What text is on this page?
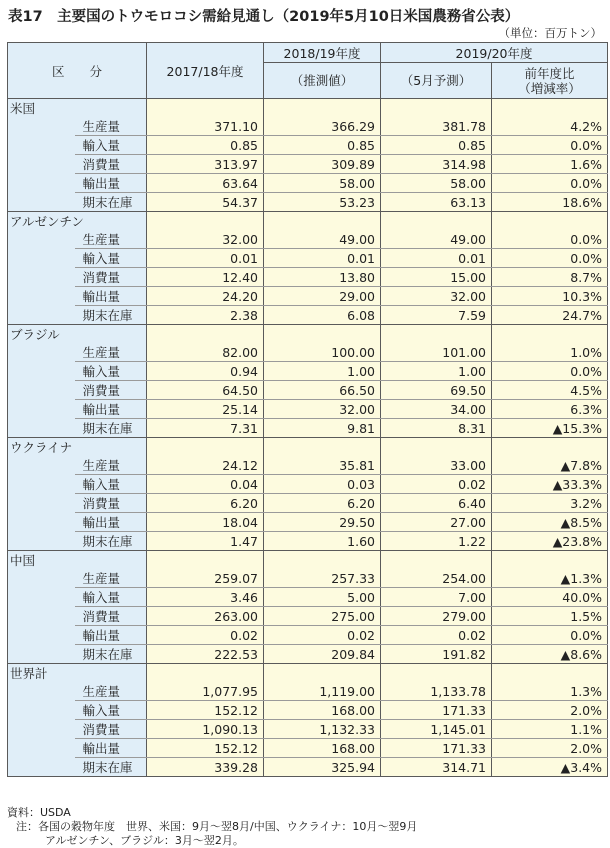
表17　主要国のトウモロコシ需給見通し（2019年5月10日米国農務省公表）
（単位：百万トン）
区　　分		2017/18年度	2018/19年度	2019/20年度	
			（推測値）	（5月予測）	前年度比
（増減率）

米国					
	生産量	371.10	366.29	381.78	4.2%
	輸入量	0.85	0.85	0.85	0.0%
	消費量	313.97	309.89	314.98	1.6%
	輸出量	63.64	58.00	58.00	0.0%
	期末在庫	54.37	53.23	63.13	18.6%
アルゼンチン					
	生産量	32.00	49.00	49.00	0.0%
	輸入量	0.01	0.01	0.01	0.0%
	消費量	12.40	13.80	15.00	8.7%
	輸出量	24.20	29.00	32.00	10.3%
	期末在庫	2.38	6.08	7.59	24.7%
ブラジル					
	生産量	82.00	100.00	101.00	1.0%
	輸入量	0.94	1.00	1.00	0.0%
	消費量	64.50	66.50	69.50	4.5%
	輸出量	25.14	32.00	34.00	6.3%
	期末在庫	7.31	9.81	8.31	▲15.3%
ウクライナ					
	生産量	24.12	35.81	33.00	▲7.8%
	輸入量	0.04	0.03	0.02	▲33.3%
	消費量	6.20	6.20	6.40	3.2%
	輸出量	18.04	29.50	27.00	▲8.5%
	期末在庫	1.47	1.60	1.22	▲23.8%
中国					
	生産量	259.07	257.33	254.00	▲1.3%
	輸入量	3.46	5.00	7.00	40.0%
	消費量	263.00	275.00	279.00	1.5%
	輸出量	0.02	0.02	0.02	0.0%
	期末在庫	222.53	209.84	191.82	▲8.6%
世界計					
	生産量	1,077.95	1,119.00	1,133.78	1.3%
	輸入量	152.12	168.00	171.33	2.0%
	消費量	1,090.13	1,132.33	1,145.01	1.1%
	輸出量	152.12	168.00	171.33	2.0%
	期末在庫	339.28	325.94	314.71	▲3.4%
資料：USDA
注：各国の穀物年度　世界、米国：9月～翌8月/中国、ウクライナ：10月～翌9月
アルゼンチン、ブラジル：3月～翌2月。
